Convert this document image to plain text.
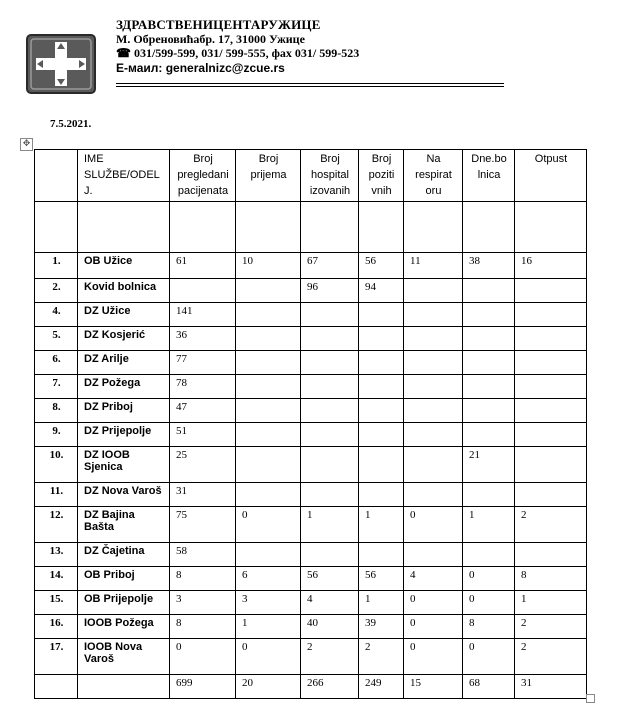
ЗДРАВСТВЕНИЦЕНТАРУЖИЦЕ
М. Обреновићабр. 17, 31000 Ужице
☎ 031/599-599, 031/ 599-555, фах 031/ 599-523
E-маил: generalnizc@zcue.rs
7.5.2021.
✥
	IME SLUŽBE/ODEL J.	Broj pregledani pacijenata	Broj prijema	Broj hospital izovanih	Broj poziti vnih	Na respirat oru	Dne.bo lnica	Otpust

1.	OB Užice	61	10	67	56	11	38	16
2.	Kovid bolnica			96	94			
4.	DZ Užice	141						
5.	DZ Kosjerić	36						
6.	DZ Arilje	77						
7.	DZ Požega	78						
8.	DZ Priboj	47						
9.	DZ Prijepolje	51						
10.	DZ IOOB Sjenica	25					21	
11.	DZ Nova Varoš	31						
12.	DZ Bajina Bašta	75	0	1	1	0	1	2
13.	DZ Čajetina	58						
14.	OB Priboj	8	6	56	56	4	0	8
15.	OB Prijepolje	3	3	4	1	0	0	1
16.	IOOB Požega	8	1	40	39	0	8	2
17.	IOOB Nova Varoš	0	0	2	2	0	0	2
		699	20	266	249	15	68	31
